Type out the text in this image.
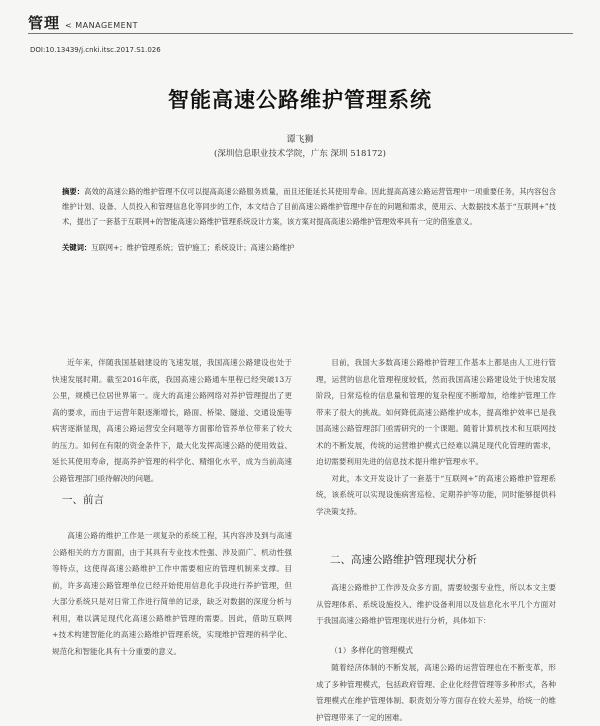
管理 < MANAGEMENT
DOI:10.13439/j.cnki.itsc.2017.S1.026
智能高速公路维护管理系统
谭飞狮
(深圳信息职业技术学院，广东 深圳 518172)
摘要：高效的高速公路的维护管理不仅可以提高高速公路服务质量，而且还能延长其使用寿命。因此提高高速公路运营管理中一项重要任务，其内容包含维护计划、设备、人员投入和管理信息化等同步的工作，本文结合了目前高速公路维护管理中存在的问题和需求，使用云、大数据技术基于“互联网+”技术，提出了一套基于互联网+的智能高速公路维护管理系统设计方案，该方案对提高高速公路维护管理效率具有一定的借鉴意义。
关键词：互联网+；维护管理系统；管护施工；系统设计；高速公路维护

近年来，伴随我国基础建设的飞速发展，我国高速公路建设也处于快速发展时期。截至2016年底，我国高速公路通车里程已经突破13万公里，规模已位居世界第一。庞大的高速公路网络对养护管理提出了更高的要求，而由于运营年限逐渐增长，路面、桥梁、隧道、交通设施等病害逐渐显现，高速公路运营安全问题等方面都给管养单位带来了较大的压力。如何在有限的资金条件下，最大化发挥高速公路的使用效益、延长其使用寿命，提高养护管理的科学化、精细化水平，成为当前高速公路管理部门亟待解决的问题。

一、前言

高速公路的维护工作是一项复杂的系统工程，其内容涉及到与高速公路相关的方方面面，由于其具有专业技术性强、涉及面广、机动性强等特点，这使得高速公路维护工作中需要相应的管理机制来支撑。目前，许多高速公路管理单位已经开始使用信息化手段进行养护管理，但大部分系统只是对日常工作进行简单的记录，缺乏对数据的深度分析与利用，难以满足现代化高速公路维护管理的需要。因此，借助互联网+技术构建智能化的高速公路维护管理系统，实现维护管理的科学化、规范化和智能化具有十分重要的意义。

目前，我国大多数高速公路维护管理工作基本上都是由人工进行管理，运营的信息化管理程度较低，然而我国高速公路建设处于快速发展阶段，日常巡检的信息量和管理的复杂程度不断增加，给维护管理工作带来了很大的挑战。如何降低高速公路维护成本，提高维护效率已是我国高速公路管理部门亟需研究的一个课题。随着计算机技术和互联网技术的不断发展，传统的运营维护模式已经难以满足现代化管理的需求，迫切需要利用先进的信息技术提升维护管理水平。

对此，本文开发设计了一套基于“互联网+”的高速公路维护管理系统，该系统可以实现设施病害巡检、定期养护等功能，同时能够提供科学决策支持。

二、高速公路维护管理现状分析

高速公路维护工作涉及众多方面，需要较强专业性，所以本文主要从管理体系、系统设施投入、维护设备利用以及信息化水平几个方面对于我国高速公路维护管理现状进行分析，具体如下：

（1）多样化的管理模式

随着经济体制的不断发展，高速公路的运营管理也在不断变革，形成了多种管理模式，包括政府管理、企业化经营管理等多种形式，各种管理模式在维护管理体制、职责划分等方面存在较大差异，给统一的维护管理带来了一定的困难。
